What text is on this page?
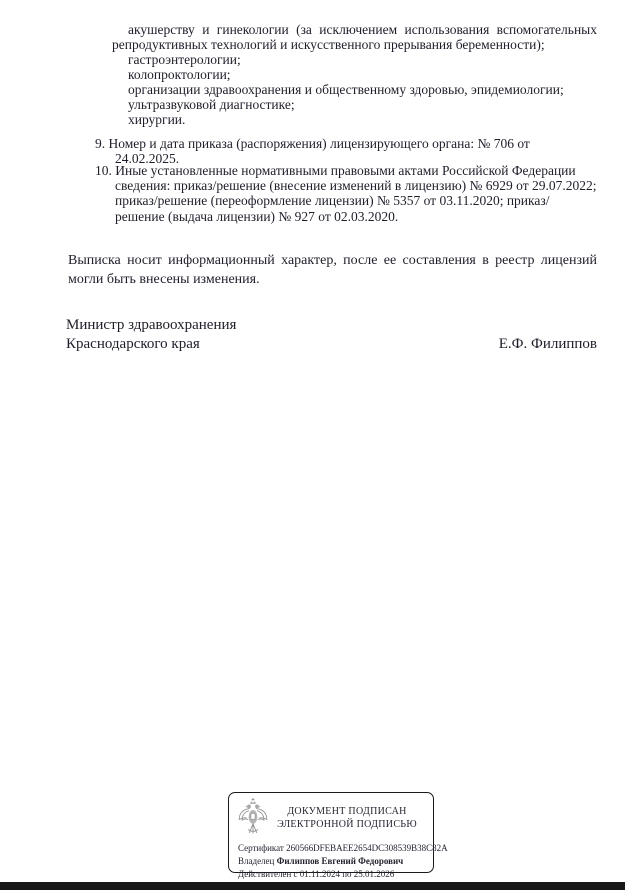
акушерству и гинекологии (за исключением использования вспомогательных репродуктивных технологий и искусственного прерывания беременности);
гастроэнтерологии;
колопроктологии;
организации здравоохранения и общественному здоровью, эпидемиологии;
ультразвуковой диагностике;
хирургии.
9. Номер и дата приказа (распоряжения) лицензирующего органа: № 706 от 24.02.2025.
10. Иные установленные нормативными правовыми актами Российской Федерации сведения: приказ/решение (внесение изменений в лицензию) № 6929 от 29.07.2022; приказ/решение (переоформление лицензии) № 5357 от 03.11.2020; приказ/решение (выдача лицензии) № 927 от 02.03.2020.
Выписка носит информационный характер, после ее составления в реестр лицензий могли быть внесены изменения.
Министр здравоохранения
Краснодарского края	Е.Ф. Филиппов
ДОКУМЕНТ ПОДПИСАН
ЭЛЕКТРОННОЙ ПОДПИСЬЮ
Сертификат 260566DFEBAEE2654DC308539B38C82A
Владелец Филиппов Евгений Федорович
Действителен с 01.11.2024 по 25.01.2026
